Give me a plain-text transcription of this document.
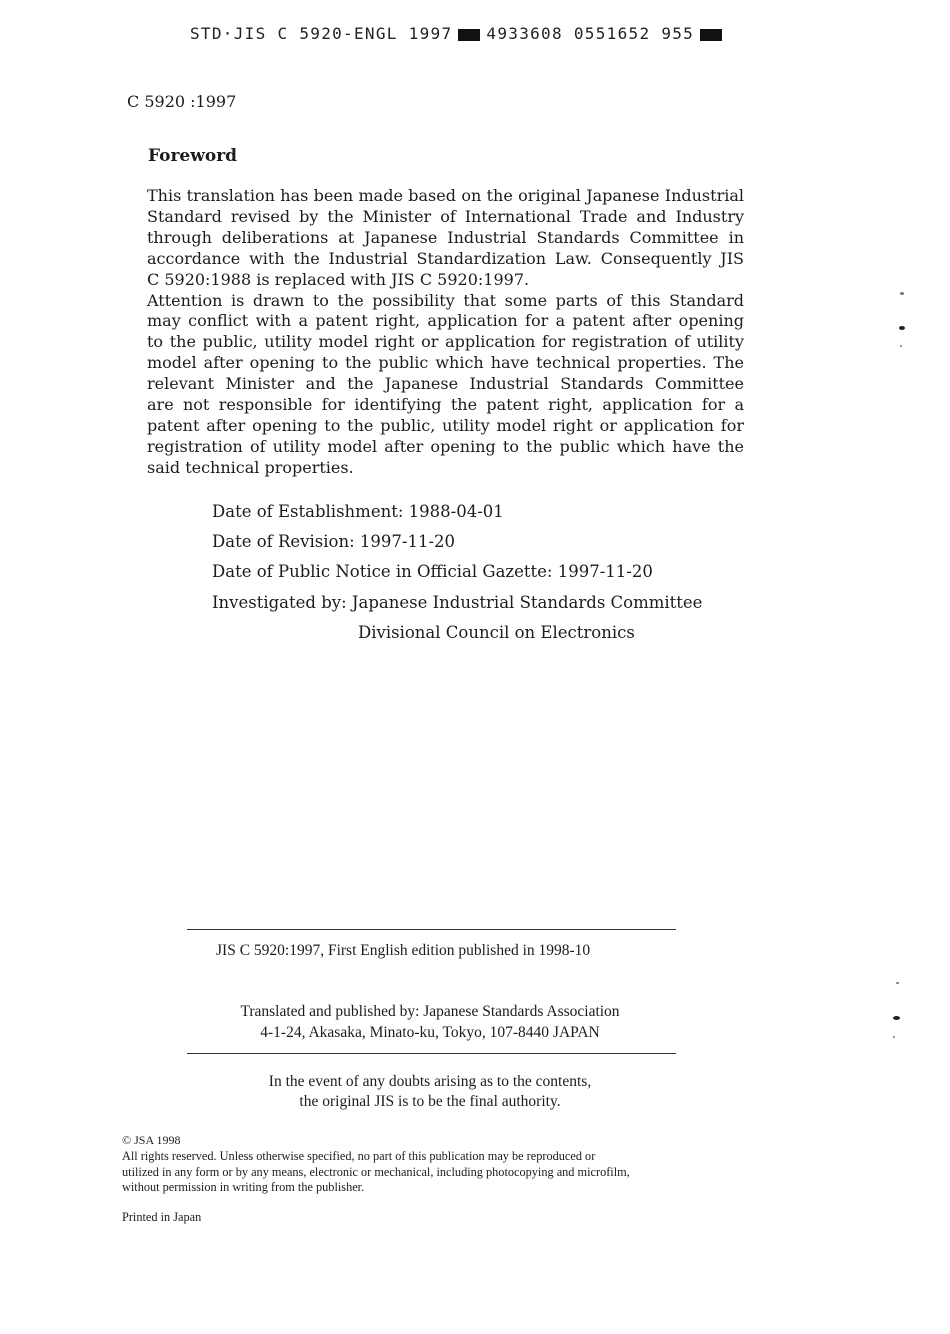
STD·JIS C 5920-ENGL 1997 4933608 0551652 955
C 5920 :1997
Foreword
This translation has been made based on the original Japanese Industrial
Standard revised by the Minister of International Trade and Industry
through deliberations at Japanese Industrial Standards Committee in
accordance with the Industrial Standardization Law. Consequently JIS
C 5920:1988 is replaced with JIS C 5920:1997.
Attention is drawn to the possibility that some parts of this Standard
may conflict with a patent right, application for a patent after opening
to the public, utility model right or application for registration of utility
model after opening to the public which have technical properties. The
relevant Minister and the Japanese Industrial Standards Committee
are not responsible for identifying the patent right, application for a
patent after opening to the public, utility model right or application for
registration of utility model after opening to the public which have the
said technical properties.
Date of Establishment: 1988-04-01
Date of Revision: 1997-11-20
Date of Public Notice in Official Gazette: 1997-11-20
Investigated by: Japanese Industrial Standards Committee
Divisional Council on Electronics
JIS C 5920:1997, First English edition published in 1998-10
Translated and published by: Japanese Standards Association
4-1-24, Akasaka, Minato-ku, Tokyo, 107-8440 JAPAN
In the event of any doubts arising as to the contents,
the original JIS is to be the final authority.
© JSA 1998
All rights reserved. Unless otherwise specified, no part of this publication may be reproduced or
utilized in any form or by any means, electronic or mechanical, including photocopying and microfilm,
without permission in writing from the publisher.
Printed in Japan
